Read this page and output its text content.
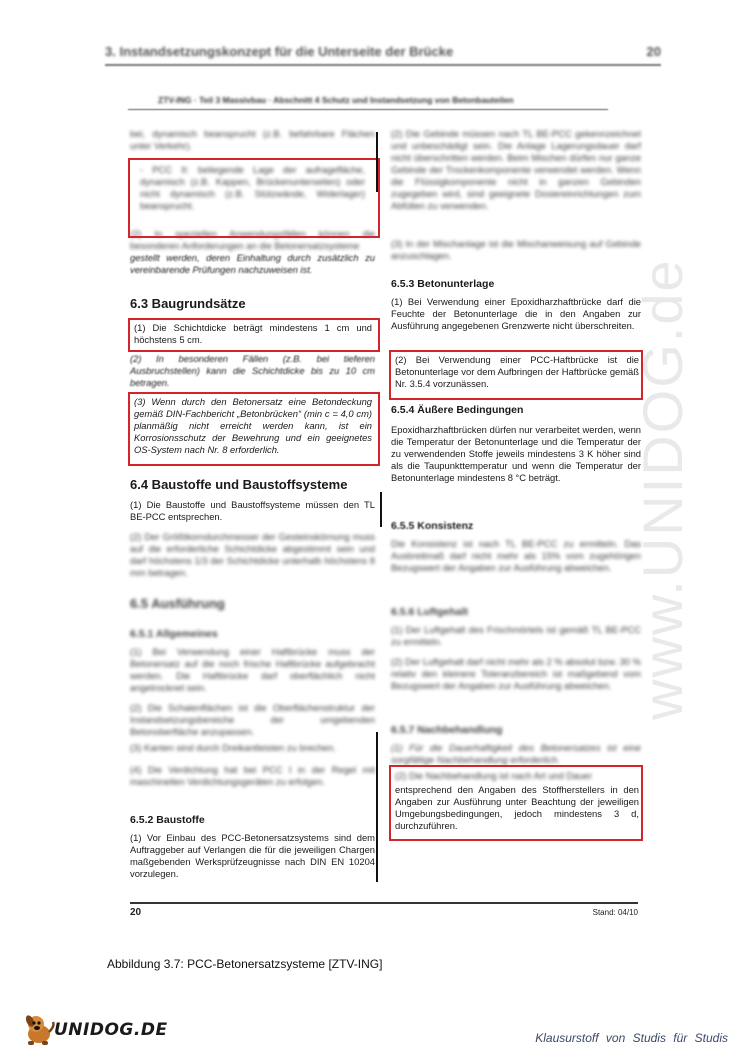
3. Instandsetzungskonzept für die Unterseite der Brücke	20
www.UNIDOG.de
ZTV-ING · Teil 3 Massivbau · Abschnitt 4 Schutz und Instandsetzung von Betonbauteilen
bei, dynamisch beansprucht (z.B. befahrbare Flächen unter Verkehr).
- PCC II: beliegende Lage der aufragefläche, dynamisch (z.B. Kappen, Brückenunterseiten) oder nicht dynamisch (z.B. Stützwände, Widerlager) beansprucht.
(2) In speziellen Anwendungsfällen können die besonderen Anforderungen an die Betonersatzsysteme
gestellt werden, deren Einhaltung durch zusätzlich zu vereinbarende Prüfungen nachzuweisen ist.
6.3 Baugrundsätze
(1) Die Schichtdicke beträgt mindestens 1 cm und höchstens 5 cm.
(2) In besonderen Fällen (z.B. bei tieferen Ausbruchstellen) kann die Schichtdicke bis zu 10 cm betragen.
(3) Wenn durch den Betonersatz eine Betondeckung gemäß DIN-Fachbericht „Betonbrücken“ (min c = 4,0 cm) planmäßig nicht erreicht werden kann, ist ein Korrosionsschutz der Bewehrung und ein geeignetes OS-System nach Nr. 8 erforderlich.
6.4 Baustoffe und Baustoffsysteme
(1) Die Baustoffe und Baustoffsysteme müssen den TL BE-PCC entsprechen.
(2) Der Größtkorndurchmesser der Gesteinskörnung muss auf die erforderliche Schichtdicke abgestimmt sein und darf höchstens 1/3 der Schichtdicke unterhalb höchstens 8 mm betragen.
6.5 Ausführung
6.5.1 Allgemeines
(1) Bei Verwendung einer Haftbrücke muss der Betonersatz auf die noch frische Haftbrücke aufgebracht werden. Die Haftbrücke darf oberflächlich nicht angetrocknet sein.
(2) Die Schalenflächen ist die Oberflächenstruktur der Instandsetzungsbereiche der umgebenden Betonoberfläche anzupassen.
(3) Kanten sind durch Dreikantleisten zu brechen.
(4) Die Verdichtung hat bei PCC I in der Regel mit maschinellen Verdichtungsgeräten zu erfolgen.
6.5.2 Baustoffe
(1) Vor Einbau des PCC-Betonersatzsystems sind dem Auftraggeber auf Verlangen die für die jeweiligen Chargen maßgebenden Werksprüfzeugnisse nach DIN EN 10204 vorzulegen.
(2) Die Gebinde müssen nach TL BE-PCC gekennzeichnet und unbeschädigt sein. Die Anlage Lagerungsdauer darf nicht überschritten werden. Beim Mischen dürfen nur ganze Gebinde der Trockenkomponente verwendet werden. Wenn die Flüssigkomponente nicht in ganzen Gebinden zugegeben wird, sind geeignete Dosiereinrichtungen zum Abfüllen zu verwenden.
(3) In der Mischanlage ist die Mischanweisung auf Gebinde anzuschlagen.
6.5.3 Betonunterlage
(1) Bei Verwendung einer Epoxidharzhaftbrücke darf die Feuchte der Betonunterlage die in den Angaben zur Ausführung angegebenen Grenzwerte nicht überschreiten.
(2) Bei Verwendung einer PCC-Haftbrücke ist die Betonunterlage vor dem Aufbringen der Haftbrücke gemäß Nr. 3.5.4 vorzunässen.
6.5.4 Äußere Bedingungen
Epoxidharzhaftbrücken dürfen nur verarbeitet werden, wenn die Temperatur der Betonunterlage und die Temperatur der zu verwendenden Stoffe jeweils mindestens 3 K höher sind als die Taupunkttemperatur und wenn die Temperatur der Betonunterlage mindestens 8 °C beträgt.
6.5.5 Konsistenz
Die Konsistenz ist nach TL BE-PCC zu ermitteln. Das Ausbreitmaß darf nicht mehr als 15% vom zugehörigen Bezugswert der Angaben zur Ausführung abweichen.
6.5.6 Luftgehalt
(1) Der Luftgehalt des Frischmörtels ist gemäß TL BE-PCC zu ermitteln.
(2) Der Luftgehalt darf nicht mehr als 2 % absolut bzw. 30 % relativ den kleinere Toleranzbereich ist maßgebend vom Bezugswert der Angaben zur Ausführung abweichen.
6.5.7 Nachbehandlung
(1) Für die Dauerhaftigkeit des Betonersatzes ist eine sorgfältige Nachbehandlung erforderlich.
(2) Die Nachbehandlung ist nach Art und Dauer
entsprechend den Angaben des Stoffherstellers in den Angaben zur Ausführung unter Beachtung der jeweiligen Umgebungsbedingungen, jedoch mindestens 3 d, durchzuführen.
20	Stand: 04/10
Abbildung 3.7: PCC-Betonersatzsysteme [ZTV-ING]
UNIDOG.DE	Klausurstoff von Studis für Studis
